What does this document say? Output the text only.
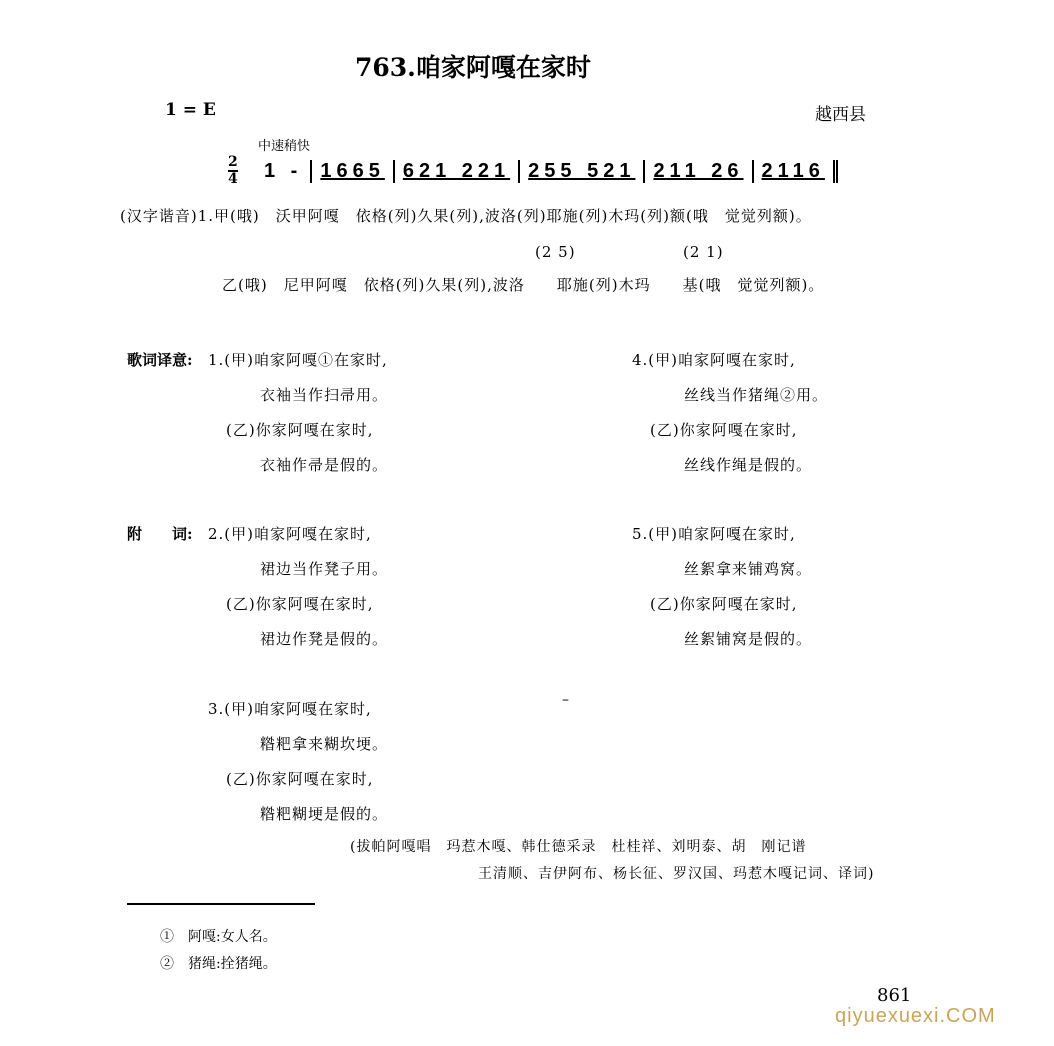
763.咱家阿嘎在家时
1 = E	越西县
中速稍快
2
4	1 - 1665 621 221 255 521 211 26 2116
(汉字谐音)1.甲(哦)　沃甲阿嘎　依格(列)久果(列),波洛(列)耶施(列)木玛(列)额(哦　觉觉列额)。
(2 5)	(2 1)
乙(哦)　尼甲阿嘎　依格(列)久果(列),波洛　　耶施(列)木玛　　基(哦　觉觉列额)。
歌词译意:
附　　词:
1.(甲)咱家阿嘎①在家时,
衣袖当作扫帚用。
(乙)你家阿嘎在家时,
衣袖作帚是假的。
2.(甲)咱家阿嘎在家时,
裙边当作凳子用。
(乙)你家阿嘎在家时,
裙边作凳是假的。
3.(甲)咱家阿嘎在家时,
糌粑拿来糊坎埂。
(乙)你家阿嘎在家时,
糌粑糊埂是假的。
4.(甲)咱家阿嘎在家时,
丝线当作猪绳②用。
(乙)你家阿嘎在家时,
丝线作绳是假的。
5.(甲)咱家阿嘎在家时,
丝絮拿来铺鸡窝。
(乙)你家阿嘎在家时,
丝絮铺窝是假的。
–
(拔帕阿嘎唱　玛惹木嘎、韩仕德采录　杜桂祥、刘明泰、胡　刚记谱
王清顺、吉伊阿布、杨长征、罗汉国、玛惹木嘎记词、译词)
①　阿嘎:女人名。
②　猪绳:拴猪绳。
861
qiyuexuexi.COM
